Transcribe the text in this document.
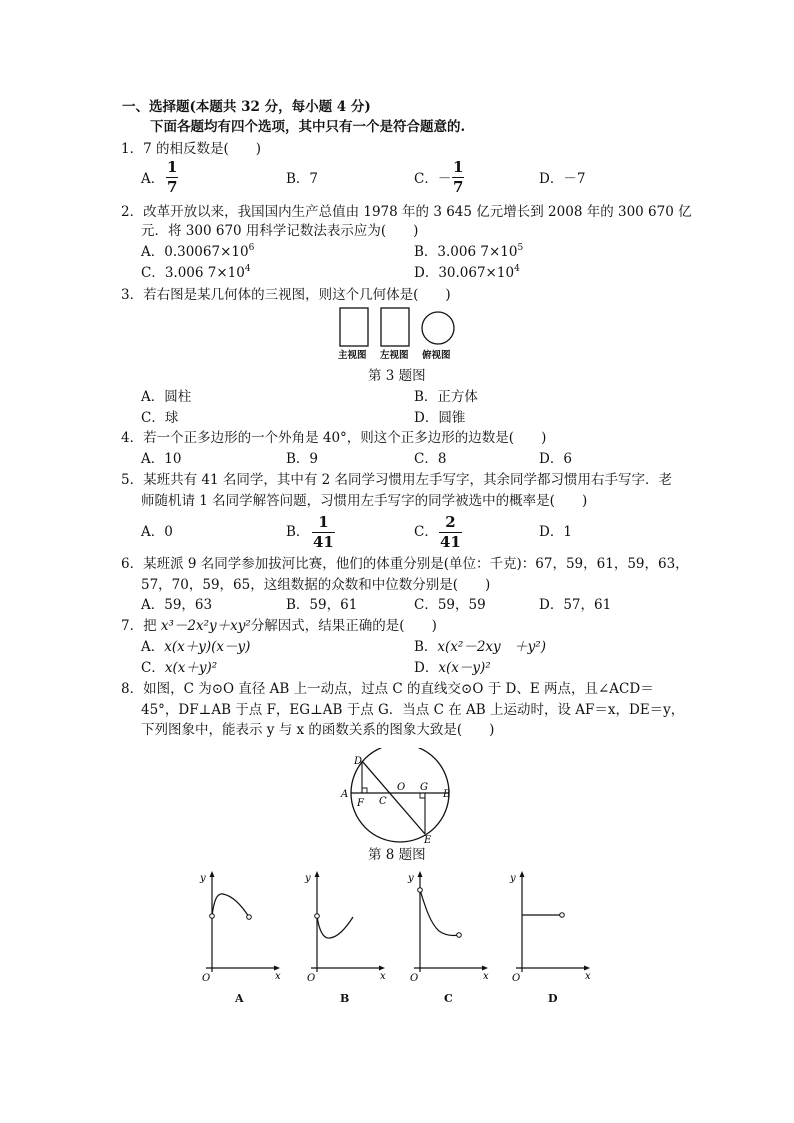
一、选择题(本题共 32 分，每小题 4 分)
下面各题均有四个选项，其中只有一个是符合题意的.
1．7 的相反数是(　　)
A． $\frac{1}{7}$	B．7	C．－ $\frac{1}{7}$	D．－7
2．改革开放以来，我国国内生产总值由 1978 年的 3 645 亿元增长到 2008 年的 300 670 亿
元．将 300 670 用科学记数法表示应为(　　)
A．$0.30067\times 10^6$	B．3.006 $7\times 10^5$
C．3.006 $7\times 10^4$	D．$30.067\times 10^4$
3．若右图是某几何体的三视图，则这个几何体是(　　)
主视图 左视图 俯视图
第 3 题图
A．圆柱	B．正方体
C．球	D．圆锥
4．若一个正多边形的一个外角是 40°，则这个正多边形的边数是(　　)
A．10	B．9	C．8	D．6
5．某班共有 41 名同学，其中有 2 名同学习惯用左手写字，其余同学都习惯用右手写字．老
师随机请 1 名同学解答问题，习惯用左手写字的同学被选中的概率是(　　)
A．0	B． $\frac{1}{41}$	C． $\frac{2}{41}$	D．1
6．某班派 9 名同学参加拔河比赛，他们的体重分别是(单位：千克)：67，59，61，59，63，
57，70，59，65，这组数据的众数和中位数分别是(　　)
A．59，63	B．59，61	C．59，59	D．57，61
7．把 x³－2x²y＋xy²分解因式，结果正确的是(　　)
A．x(x＋y)(x－y)	B．x(x²－2xy　＋y²)
C．x(x＋y)²	D．x(x－y)²
8．如图，C 为⊙O 直径 AB 上一动点，过点 C 的直线交⊙O 于 D、E 两点，且∠ACD＝
45°，DF⊥AB 于点 F，EG⊥AB 于点 G．当点 C 在 AB 上运动时，设 AF＝x，DE＝y，
下列图象中，能表示 y 与 x 的函数关系的图象大致是(　　)
D
O G
A
F C
B
E
第 8 题图
y
x
O
A
y
x
O
B
y
x
O
C
y
x
O
D
